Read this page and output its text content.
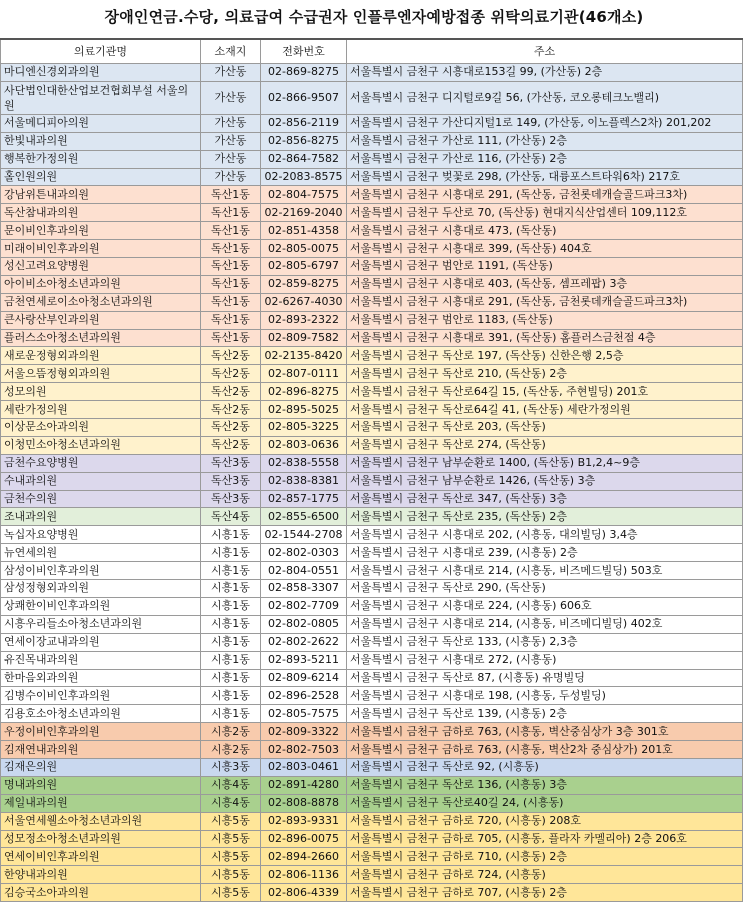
장애인연금.수당, 의료급여 수급권자 인플루엔자예방접종 위탁의료기관(46개소)
의료기관명	소재지	전화번호	주소
마디엔신경외과의원	가산동	02-869-8275	서울특별시 금천구 시흥대로153길 99, (가산동) 2층
사단법인대한산업보건협회부설 서울의원	가산동	02-866-9507	서울특별시 금천구 디지털로9길 56, (가산동, 코오롱테크노밸리)
서울메디피아의원	가산동	02-856-2119	서울특별시 금천구 가산디지털1로 149, (가산동, 이노플렉스2차) 201,202
한빛내과의원	가산동	02-856-8275	서울특별시 금천구 가산로 111, (가산동) 2층
행복한가정의원	가산동	02-864-7582	서울특별시 금천구 가산로 116, (가산동) 2층
홀인원의원	가산동	02-2083-8575	서울특별시 금천구 벚꽃로 298, (가산동, 대륭포스트타워6차) 217호
강남위튼내과의원	독산1동	02-804-7575	서울특별시 금천구 시흥대로 291, (독산동, 금천롯데캐슬골드파크3차)
독산참내과의원	독산1동	02-2169-2040	서울특별시 금천구 두산로 70, (독산동) 현대지식산업센터 109,112호
문이비인후과의원	독산1동	02-851-4358	서울특별시 금천구 시흥대로 473, (독산동)
미래이비인후과의원	독산1동	02-805-0075	서울특별시 금천구 시흥대로 399, (독산동) 404호
성신고려요양병원	독산1동	02-805-6797	서울특별시 금천구 범안로 1191, (독산동)
아이비소아청소년과의원	독산1동	02-859-8275	서울특별시 금천구 시흥대로 403, (독산동, 셈프레팝) 3층
금천연세로이소아청소년과의원	독산1동	02-6267-4030	서울특별시 금천구 시흥대로 291, (독산동, 금천롯데캐슬골드파크3차)
큰사랑산부인과의원	독산1동	02-893-2322	서울특별시 금천구 범안로 1183, (독산동)
플러스소아청소년과의원	독산1동	02-809-7582	서울특별시 금천구 시흥대로 391, (독산동) 홈플러스금천점 4층
새로운정형외과의원	독산2동	02-2135-8420	서울특별시 금천구 독산로 197, (독산동) 신한은행 2,5층
서울으뜸정형외과의원	독산2동	02-807-0111	서울특별시 금천구 독산로 210, (독산동) 2층
성모의원	독산2동	02-896-8275	서울특별시 금천구 독산로64길 15, (독산동, 주현빌딩) 201호
세란가정의원	독산2동	02-895-5025	서울특별시 금천구 독산로64길 41, (독산동) 세란가정의원
이상문소아과의원	독산2동	02-805-3225	서울특별시 금천구 독산로 203, (독산동)
이청민소아청소년과의원	독산2동	02-803-0636	서울특별시 금천구 독산로 274, (독산동)
금천수요양병원	독산3동	02-838-5558	서울특별시 금천구 남부순환로 1400, (독산동) B1,2,4~9층
수내과의원	독산3동	02-838-8381	서울특별시 금천구 남부순환로 1426, (독산동) 3층
금천수의원	독산3동	02-857-1775	서울특별시 금천구 독산로 347, (독산동) 3층
조내과의원	독산4동	02-855-6500	서울특별시 금천구 독산로 235, (독산동) 2층
녹십자요양병원	시흥1동	02-1544-2708	서울특별시 금천구 시흥대로 202, (시흥동, 대의빌딩) 3,4층
뉴연세의원	시흥1동	02-802-0303	서울특별시 금천구 시흥대로 239, (시흥동) 2층
삼성이비인후과의원	시흥1동	02-804-0551	서울특별시 금천구 시흥대로 214, (시흥동, 비즈메드빌딩) 503호
삼성정형외과의원	시흥1동	02-858-3307	서울특별시 금천구 독산로 290, (독산동)
상쾌한이비인후과의원	시흥1동	02-802-7709	서울특별시 금천구 시흥대로 224, (시흥동) 606호
시흥우리들소아청소년과의원	시흥1동	02-802-0805	서울특별시 금천구 시흥대로 214, (시흥동, 비즈메디빌딩) 402호
연세이장교내과의원	시흥1동	02-802-2622	서울특별시 금천구 독산로 133, (시흥동) 2,3층
유진목내과의원	시흥1동	02-893-5211	서울특별시 금천구 시흥대로 272, (시흥동)
한마음외과의원	시흥1동	02-809-6214	서울특별시 금천구 독산로 87, (시흥동) 유명빌딩
김병수이비인후과의원	시흥1동	02-896-2528	서울특별시 금천구 시흥대로 198, (시흥동, 두성빌딩)
김용호소아청소년과의원	시흥1동	02-805-7575	서울특별시 금천구 독산로 139, (시흥동) 2층
우정이비인후과의원	시흥2동	02-809-3322	서울특별시 금천구 금하로 763, (시흥동, 벽산중심상가 3층 301호
김재연내과의원	시흥2동	02-802-7503	서울특별시 금천구 금하로 763, (시흥동, 벽산2차 중심상가) 201호
김재은의원	시흥3동	02-803-0461	서울특별시 금천구 독산로 92, (시흥동)
명내과의원	시흥4동	02-891-4280	서울특별시 금천구 독산로 136, (시흥동) 3층
제일내과의원	시흥4동	02-808-8878	서울특별시 금천구 독산로40길 24, (시흥동)
서울연세웰소아청소년과의원	시흥5동	02-893-9331	서울특별시 금천구 금하로 720, (시흥동) 208호
성모정소아청소년과의원	시흥5동	02-896-0075	서울특별시 금천구 금하로 705, (시흥동, 플라자 카멜리아) 2층 206호
연세이비인후과의원	시흥5동	02-894-2660	서울특별시 금천구 금하로 710, (시흥동) 2층
한양내과의원	시흥5동	02-806-1136	서울특별시 금천구 금하로 724, (시흥동)
김승국소아과의원	시흥5동	02-806-4339	서울특별시 금천구 금하로 707, (시흥동) 2층
